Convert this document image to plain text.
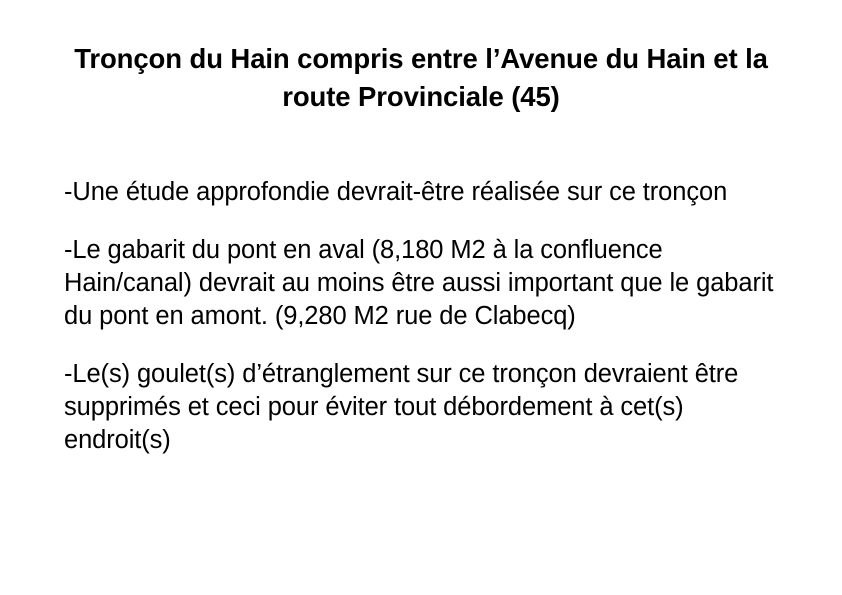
Tronçon du Hain compris entre l’Avenue du Hain et la route Provinciale (45)

-Une étude approfondie devrait-être réalisée sur ce tronçon

-Le gabarit du pont en aval (8,180 M2 à la confluence Hain/canal) devrait au moins être aussi important que le gabarit du pont en amont. (9,280 M2 rue de Clabecq)

-Le(s) goulet(s) d’étranglement sur ce tronçon devraient être supprimés et ceci pour éviter tout débordement à cet(s) endroit(s)
